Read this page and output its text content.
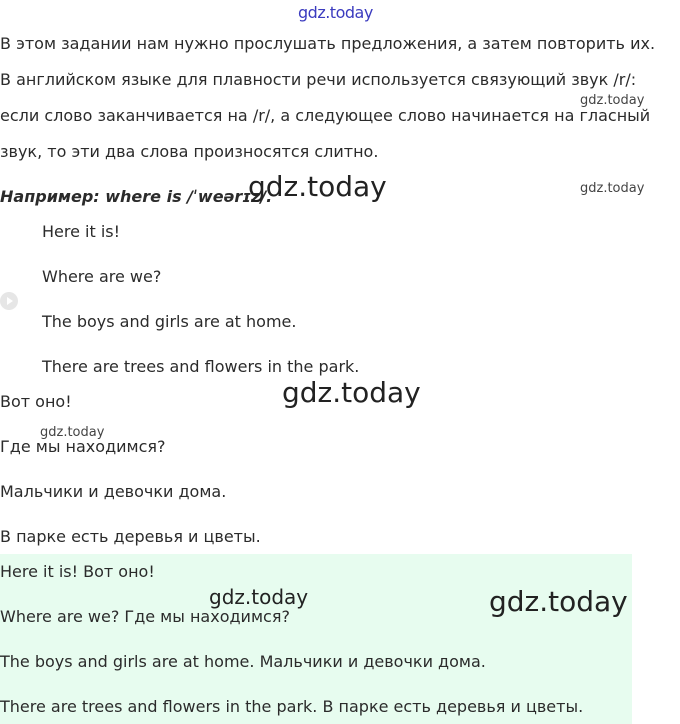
gdz.today
В этом задании нам нужно прослушать предложения, а затем повторить их.
В английском языке для плавности речи используется связующий звук /r/:
gdz.today
если слово заканчивается на /r/, а следующее слово начинается на гласный
звук, то эти два слова произносятся слитно.
Например: where is /ˈweərɪz/.
gdz.today	gdz.today
Here it is!
Where are we?
The boys and girls are at home.
There are trees and flowers in the park.
Вот оно!	gdz.today
gdz.today
Где мы находимся?
Мальчики и девочки дома.
В парке есть деревья и цветы.
Here it is! Вот оно!
gdz.today	gdz.today
Where are we? Где мы находимся?
The boys and girls are at home. Мальчики и девочки дома.
There are trees and flowers in the park. В парке есть деревья и цветы.
